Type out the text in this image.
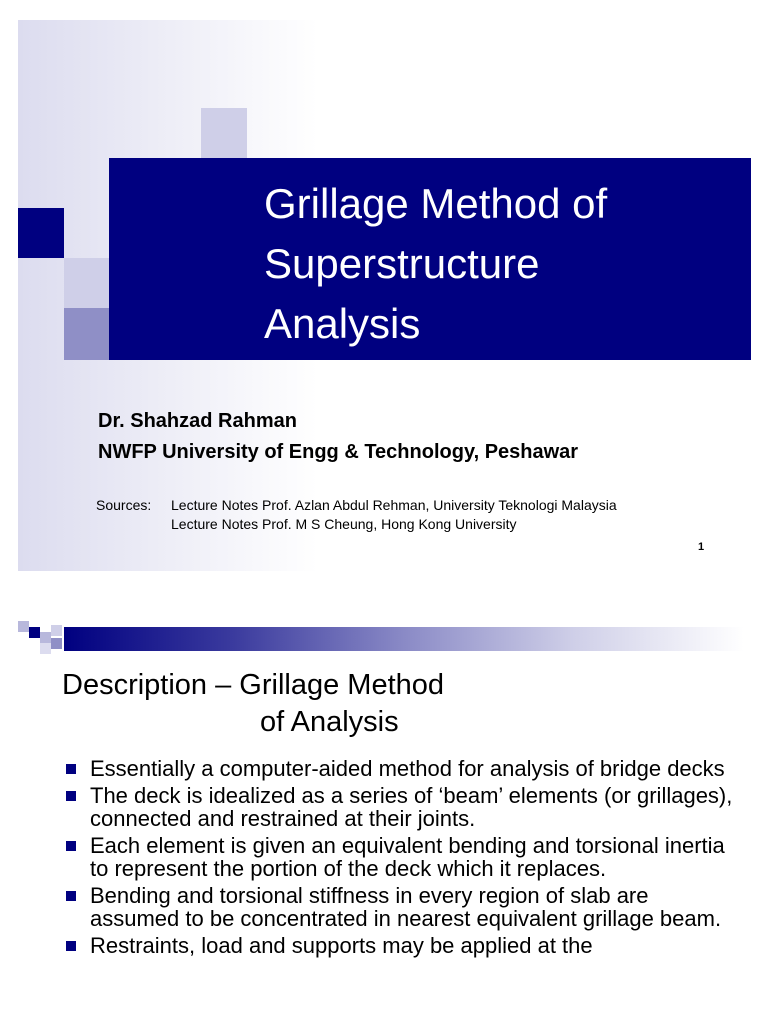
Grillage Method of
Superstructure
Analysis
Dr. Shahzad Rahman
NWFP University of Engg & Technology, Peshawar
Sources: Lecture Notes Prof. Azlan Abdul Rehman, University Teknologi Malaysia
Lecture Notes Prof. M S Cheung, Hong Kong University
1
Description – Grillage Method
of Analysis
Essentially a computer-aided method for analysis of bridge decks
The deck is idealized as a series of ‘beam’ elements (or grillages), connected and restrained at their joints.
Each element is given an equivalent bending and torsional inertia to represent the portion of the deck which it replaces.
Bending and torsional stiffness in every region of slab are assumed to be concentrated in nearest equivalent grillage beam.
Restraints, load and supports may be applied at the
